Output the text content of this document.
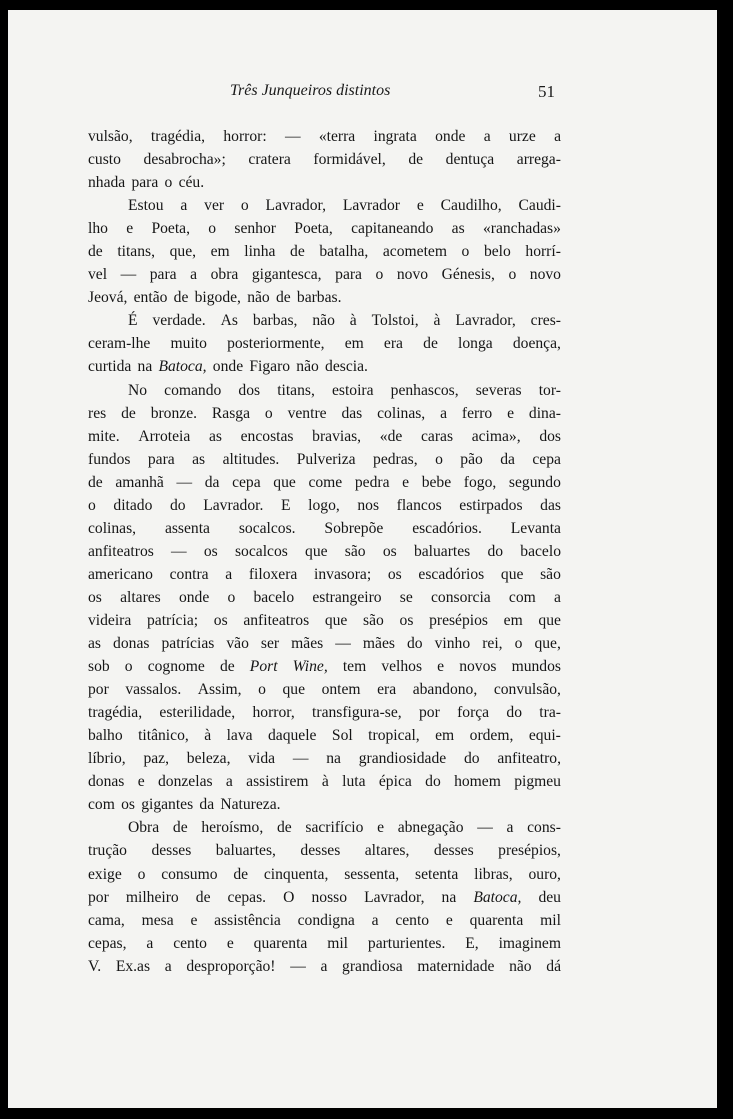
Três Junqueiros distintos	51
vulsão, tragédia, horror: — «terra ingrata onde a urze a
custo desabrocha»; cratera formidável, de dentuça arrega-
nhada para o céu.
Estou a ver o Lavrador, Lavrador e Caudilho, Caudi-
lho e Poeta, o senhor Poeta, capitaneando as «ranchadas»
de titans, que, em linha de batalha, acometem o belo horrí-
vel — para a obra gigantesca, para o novo Génesis, o novo
Jeová, então de bigode, não de barbas.
É verdade. As barbas, não à Tolstoi, à Lavrador, cres-
ceram-lhe muito posteriormente, em era de longa doença,
curtida na Batoca, onde Figaro não descia.
No comando dos titans, estoira penhascos, severas tor-
res de bronze. Rasga o ventre das colinas, a ferro e dina-
mite. Arroteia as encostas bravias, «de caras acima», dos
fundos para as altitudes. Pulveriza pedras, o pão da cepa
de amanhã — da cepa que come pedra e bebe fogo, segundo
o ditado do Lavrador. E logo, nos flancos estirpados das
colinas, assenta socalcos. Sobrepõe escadórios. Levanta
anfiteatros — os socalcos que são os baluartes do bacelo
americano contra a filoxera invasora; os escadórios que são
os altares onde o bacelo estrangeiro se consorcia com a
videira patrícia; os anfiteatros que são os presépios em que
as donas patrícias vão ser mães — mães do vinho rei, o que,
sob o cognome de Port Wine, tem velhos e novos mundos
por vassalos. Assim, o que ontem era abandono, convulsão,
tragédia, esterilidade, horror, transfigura-se, por força do tra-
balho titânico, à lava daquele Sol tropical, em ordem, equi-
líbrio, paz, beleza, vida — na grandiosidade do anfiteatro,
donas e donzelas a assistirem à luta épica do homem pigmeu
com os gigantes da Natureza.
Obra de heroísmo, de sacrifício e abnegação — a cons-
trução desses baluartes, desses altares, desses presépios,
exige o consumo de cinquenta, sessenta, setenta libras, ouro,
por milheiro de cepas. O nosso Lavrador, na Batoca, deu
cama, mesa e assistência condigna a cento e quarenta mil
cepas, a cento e quarenta mil parturientes. E, imaginem
V. Ex.as a desproporção! — a grandiosa maternidade não dá
